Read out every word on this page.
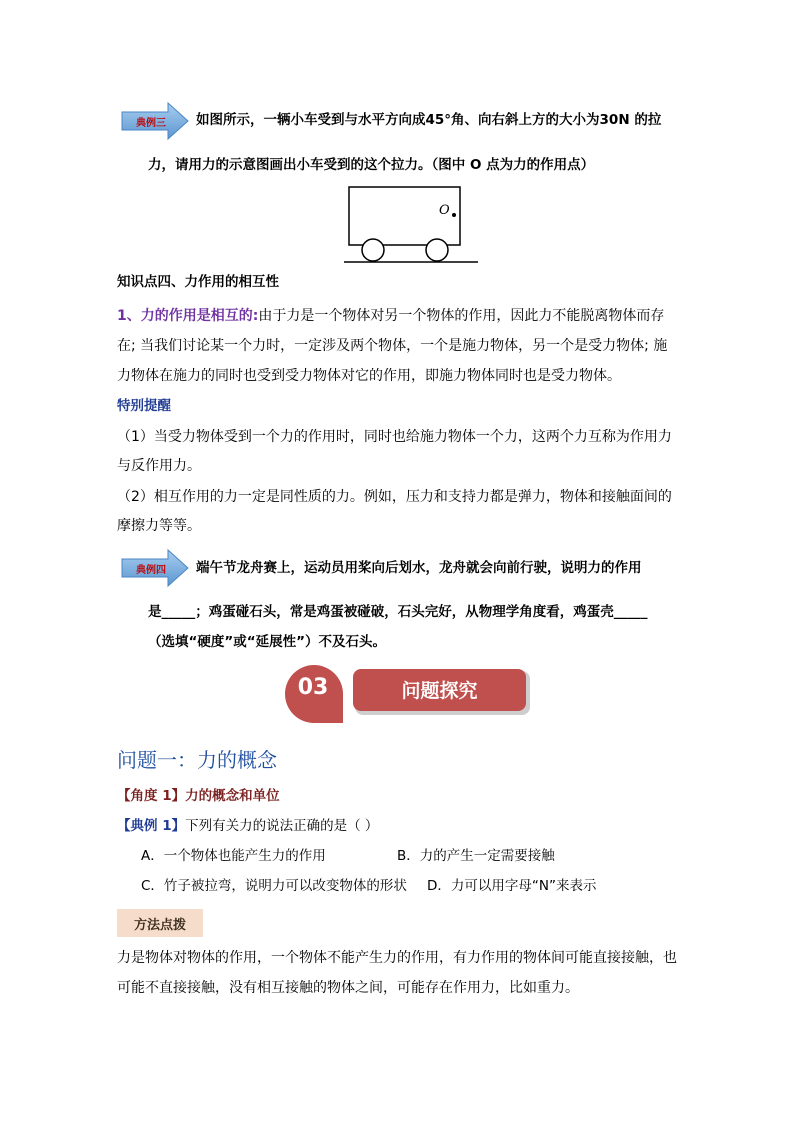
典例三	如图所示，一辆小车受到与水平方向成45°角、向右斜上方的大小为30N 的拉
力，请用力的示意图画出小车受到的这个拉力。（图中 O 点为力的作用点）
O
知识点四、力作用的相互性
1、力的作用是相互的:由于力是一个物体对另一个物体的作用，因此力不能脱离物体而存
在; 当我们讨论某一个力时，一定涉及两个物体，一个是施力物体，另一个是受力物体; 施
力物体在施力的同时也受到受力物体对它的作用，即施力物体同时也是受力物体。
特别提醒
（1）当受力物体受到一个力的作用时，同时也给施力物体一个力，这两个力互称为作用力
与反作用力。
（2）相互作用的力一定是同性质的力。例如，压力和支持力都是弹力，物体和接触面间的
摩擦力等等。
典例四	端午节龙舟赛上，运动员用桨向后划水，龙舟就会向前行驶，说明力的作用
是_____；鸡蛋碰石头，常是鸡蛋被碰破，石头完好，从物理学角度看，鸡蛋壳_____
（选填“硬度”或“延展性”）不及石头。
03	问题探究
问题一：力的概念
【角度 1】力的概念和单位
【典例 1】下列有关力的说法正确的是（ ）
A．一个物体也能产生力的作用	B．力的产生一定需要接触
C．竹子被拉弯，说明力可以改变物体的形状 D．力可以用字母“N”来表示
方法点拨
力是物体对物体的作用，一个物体不能产生力的作用，有力作用的物体间可能直接接触，也
可能不直接接触，没有相互接触的物体之间，可能存在作用力，比如重力。
